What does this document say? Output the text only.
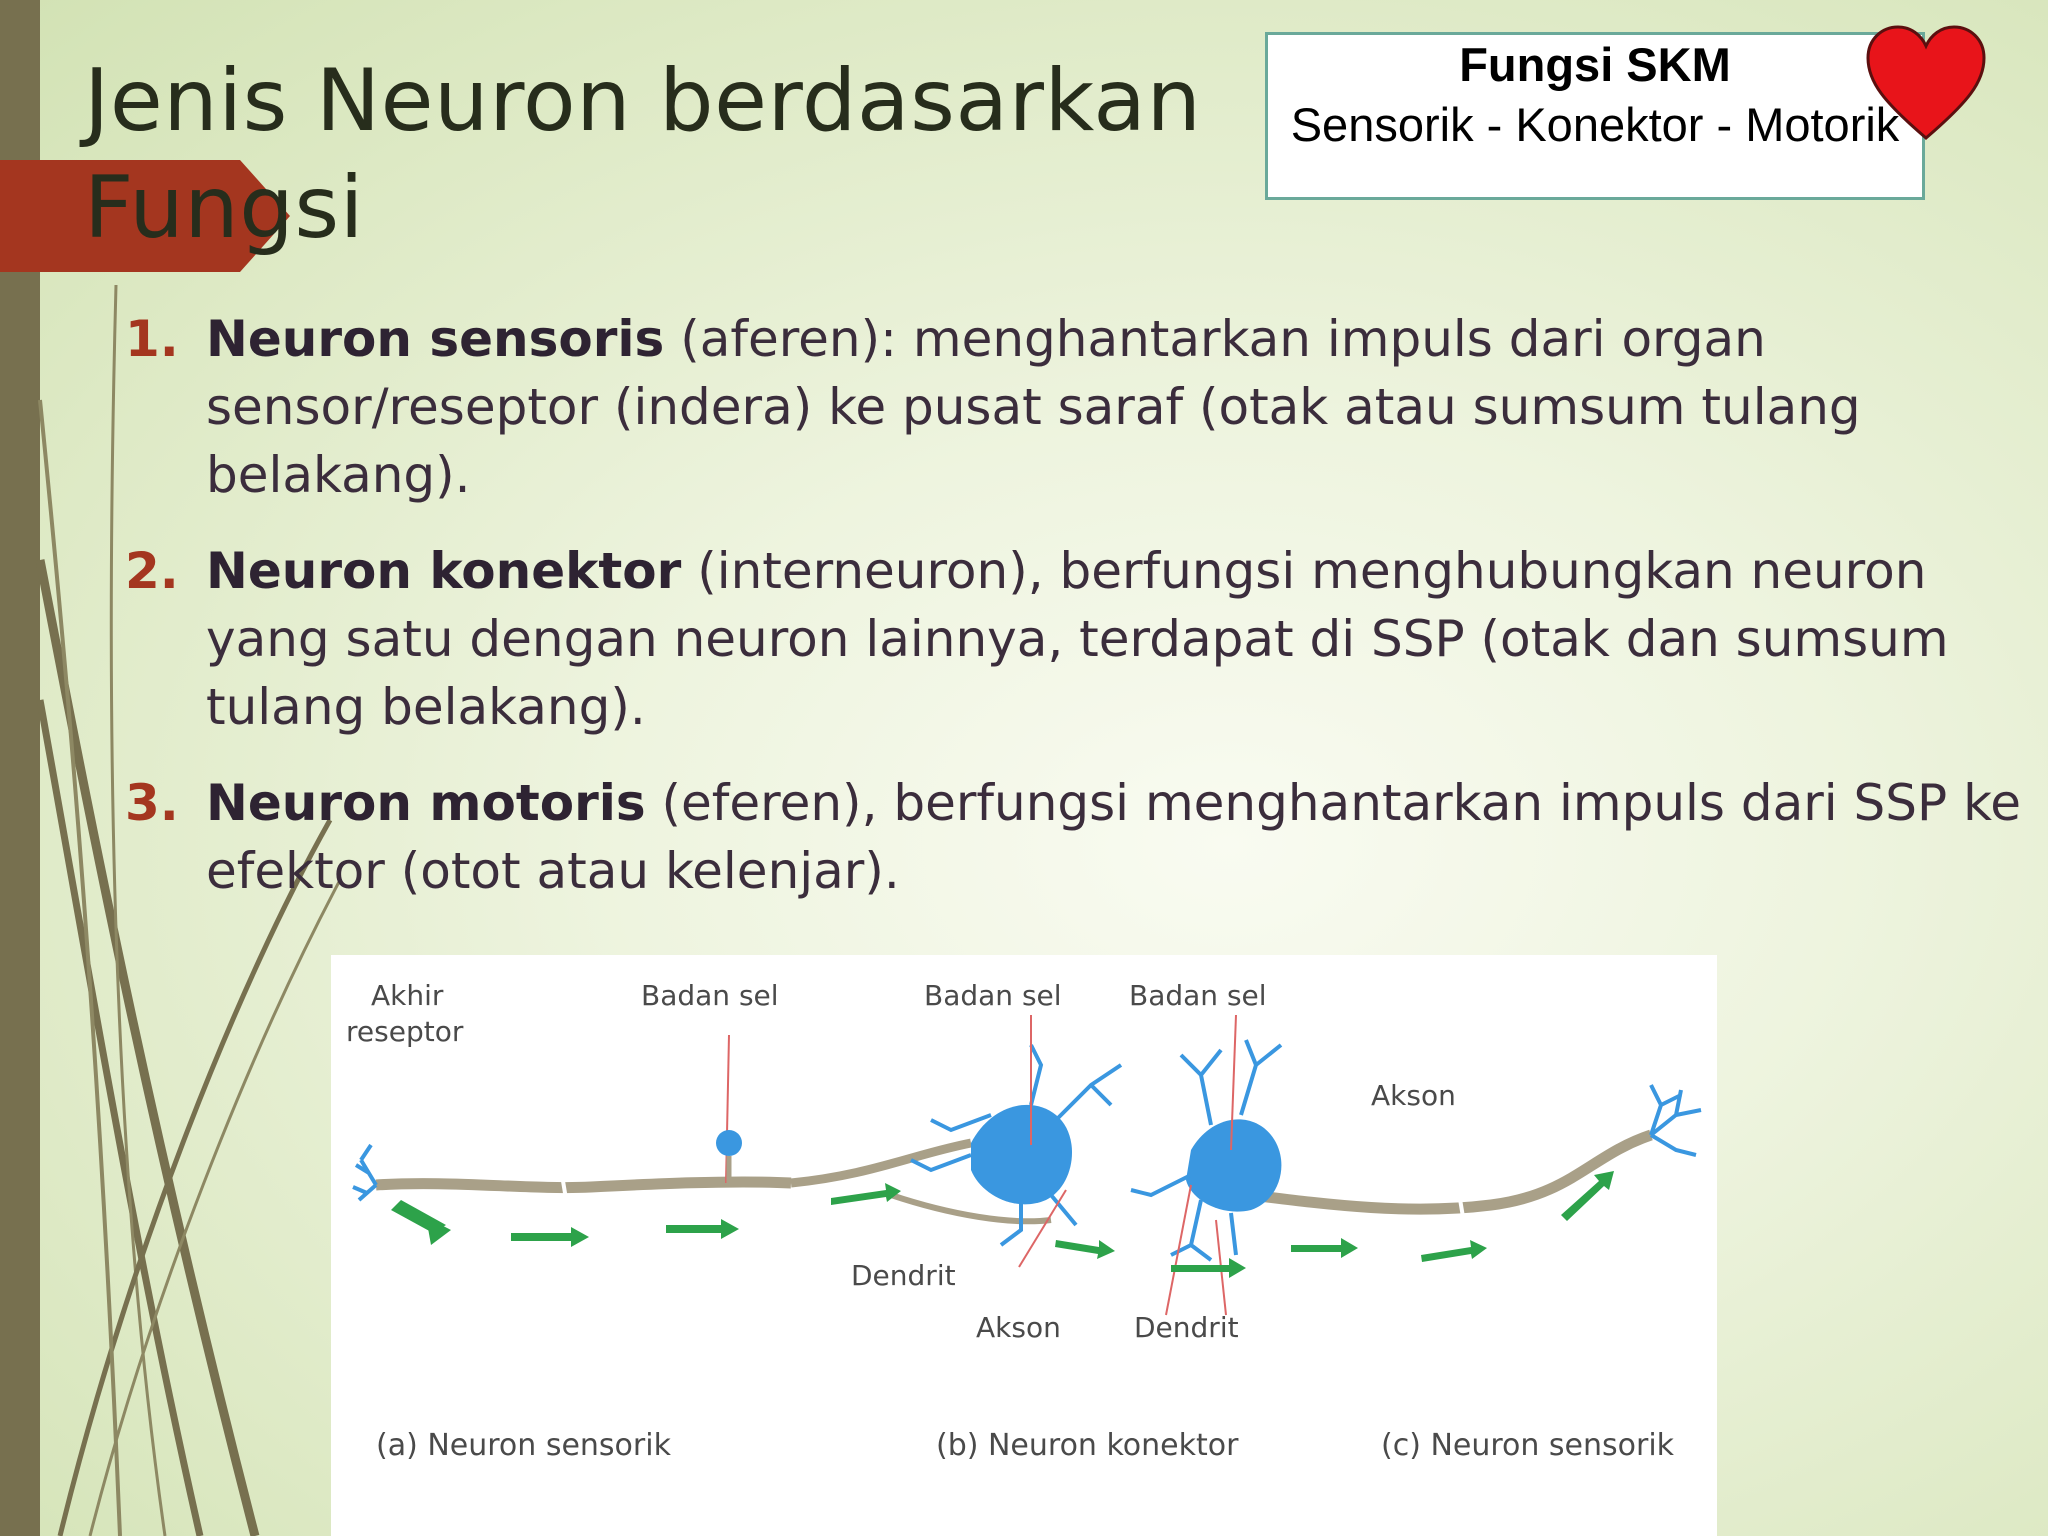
Jenis Neuron berdasarkan Fungsi
Fungsi SKM
Sensorik - Konektor - Motorik
1. Neuron sensoris (aferen): menghantarkan impuls dari organ sensor/reseptor (indera) ke pusat saraf (otak atau sumsum tulang belakang).
2. Neuron konektor (interneuron), berfungsi menghubungkan neuron yang satu dengan neuron lainnya, terdapat di SSP (otak dan sumsum tulang belakang).
3. Neuron motoris (eferen), berfungsi menghantarkan impuls dari SSP ke efektor (otot atau kelenjar).
Akhir
reseptor
Badan sel	Badan sel Badan sel
Akson
Dendrit
Akson	Dendrit
(a) Neuron sensorik	(b) Neuron konektor	(c) Neuron sensorik
